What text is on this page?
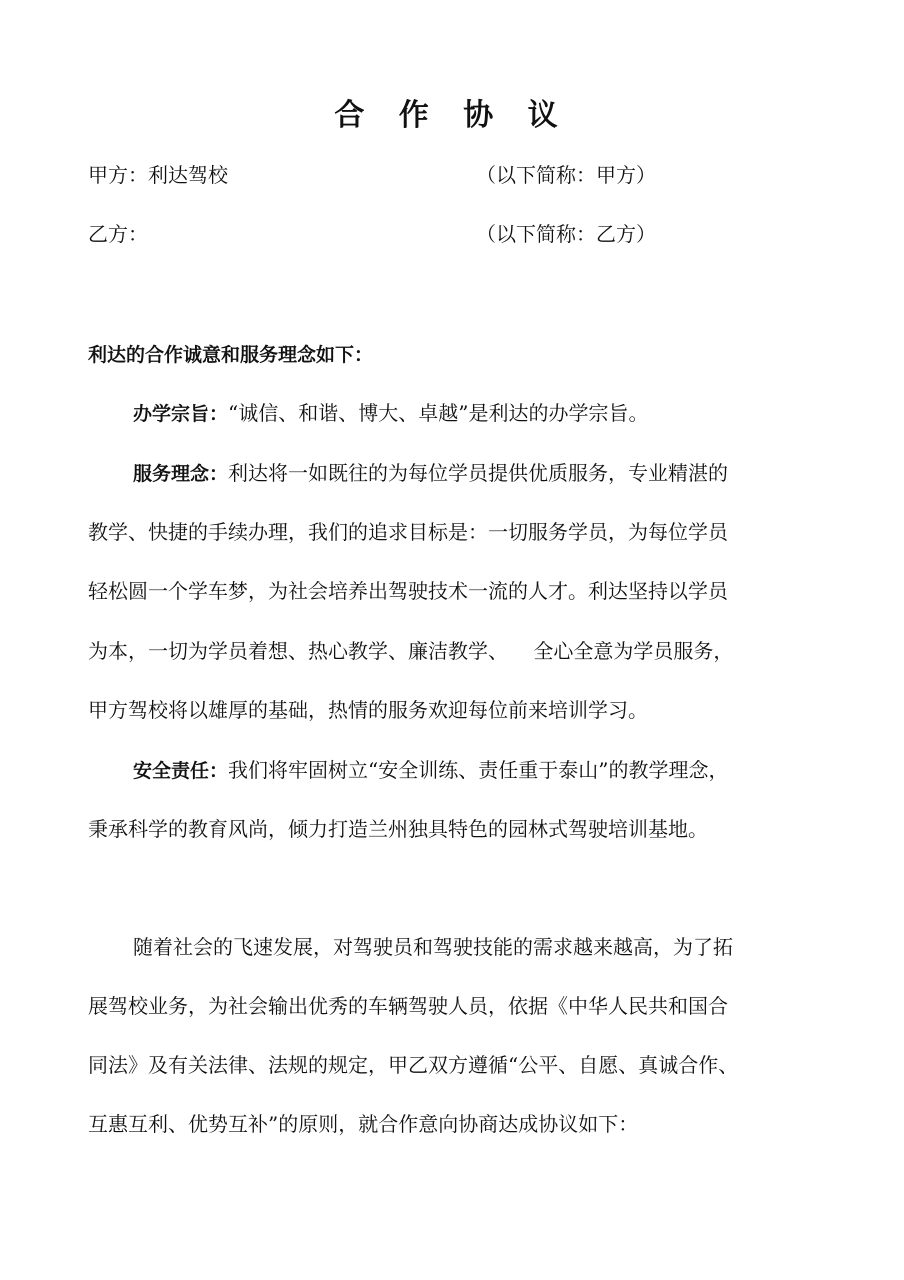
合 作 协 议
甲方：利达驾校	（以下简称：甲方）
乙方：	（以下简称：乙方）
利达的合作诚意和服务理念如下：
办学宗旨：“诚信、和谐、博大、卓越”是利达的办学宗旨。
服务理念：利达将一如既往的为每位学员提供优质服务，专业精湛的
教学、快捷的手续办理，我们的追求目标是：一切服务学员，为每位学员
轻松圆一个学车梦，为社会培养出驾驶技术一流的人才。利达坚持以学员
为本，一切为学员着想、热心教学、廉洁教学、    全心全意为学员服务，
甲方驾校将以雄厚的基础，热情的服务欢迎每位前来培训学习。
安全责任：我们将牢固树立“安全训练、责任重于泰山”的教学理念，
秉承科学的教育风尚，倾力打造兰州独具特色的园林式驾驶培训基地。
随着社会的飞速发展，对驾驶员和驾驶技能的需求越来越高，为了拓
展驾校业务，为社会输出优秀的车辆驾驶人员，依据《中华人民共和国合
同法》及有关法律、法规的规定，甲乙双方遵循“公平、自愿、真诚合作、
互惠互利、优势互补”的原则，就合作意向协商达成协议如下：
